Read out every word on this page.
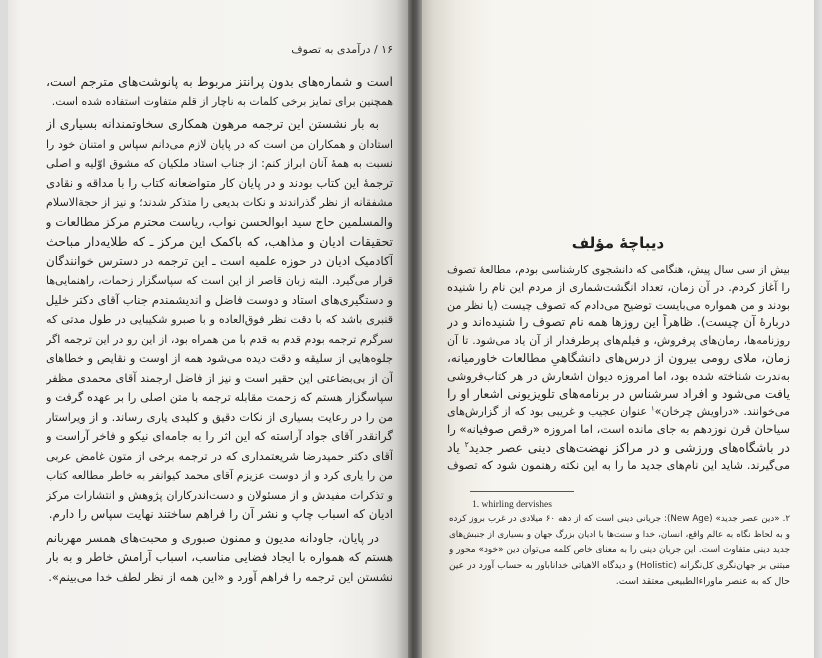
۱۶ / درآمدی به تصوف
است و شماره‌های بدون پرانتز مربوط به پانوشت‌های مترجم است،
همچنین برای تمایز برخی کلمات به ناچار از قلم متفاوت استفاده شده است.
به بار نشستن این ترجمه مرهون همکاری سخاوتمندانه بسیاری از
استادان و همکاران من است که در پایان لازم می‌دانم سپاس و امتنان خود را
نسبت به همهٔ آنان ابراز کنم: از جناب استاد ملکیان که مشوق اوّلیه و اصلی
ترجمهٔ این کتاب بودند و در پایان کار متواضعانه کتاب را با مداقه و نقادی
مشفقانه از نظر گذراندند و نکات بدیعی را متذکر شدند؛ و نیز از حجةالاسلام
والمسلمین حاج سید ابوالحسن نواب، ریاست محترم مرکز مطالعات و
تحقیقات ادیان و مذاهب، که باکمک این مرکز ـ که طلایه‌دار مباحث
آکادمیک ادیان در حوزه علمیه است ـ این ترجمه در دسترس خوانندگان
قرار می‌گیرد. البته زبان قاصر از این است که سپاسگزار زحمات، راهنمایی‌ها
و دستگیری‌های استاد و دوست فاضل و اندیشمندم جناب آقای دکتر خلیل
قنبری باشد که با دقت نظر فوق‌العاده و با صبرو شکیبایی در طول مدتی که
سرگرم ترجمه بودم قدم به قدم با من همراه بود، از این رو در این ترجمه اگر
جلوه‌هایی از سلیقه و دقت دیده می‌شود همه از اوست و نقایص و خطاهای
آن از بی‌بضاعتی این حقیر است و نیز از فاضل ارجمند آقای محمدی مظفر
سپاسگزار هستم که زحمت مقابله ترجمه با متن اصلی را بر عهده گرفت و
من را در رعایت بسیاری از نکات دقیق و کلیدی یاری رساند. و از ویراستار
گرانقدر آقای جواد آراسته که این اثر را به جامه‌ای نیکو و فاخر آراست و
آقای دکتر حمیدرضا شریعتمداری که در ترجمه برخی از متون غامض عربی
من را یاری کرد و از دوست عزیزم آقای محمد کیوانفر به خاطر مطالعه کتاب
و تذکرات مفیدش و از مسئولان و دست‌اندرکاران پژوهش و انتشارات مرکز
ادیان که اسباب چاپ و نشر آن را فراهم ساختند نهایت سپاس را دارم.
در پایان، جاودانه مدیون و ممنون صبوری و محبت‌های همسر مهربانم
هستم که همواره با ایجاد فضایی مناسب، اسباب آرامش خاطر و به بار
نشستن این ترجمه را فراهم آورد و «این همه از نظر لطف خدا می‌بینم».
دیباچهٔ مؤلف
بیش از سی سال پیش، هنگامی که دانشجوی کارشناسی بودم، مطالعهٔ تصوف
را آغاز کردم. در آن زمان، تعداد انگشت‌شماری از مردم این نام را شنیده
بودند و من همواره می‌بایست توضیح می‌دادم که تصوف چیست (یا نظر من
دربارهٔ آن چیست). ظاهراً این روزها همه نام تصوف را شنیده‌اند و در
روزنامه‌ها، رمان‌های پرفروش، و فیلم‌های پرطرفدار از آن یاد می‌شود. تا آن
زمان، ملای رومی بیرون از درس‌های دانشگاهیِ مطالعات خاورمیانه،
به‌ندرت شناخته شده بود، اما امروزه دیوان اشعارش در هر کتاب‌فروشی
یافت می‌شود و افراد سرشناس در برنامه‌های تلویزیونی اشعار او را
می‌خوانند. «دراویش چرخان»$^۱$ عنوان عجیب و غریبی بود که از گزارش‌های
سیاحان قرن نوزدهم به جای مانده است، اما امروزه «رقص صوفیانه» را
در باشگاه‌های ورزشی و در مراکز نهضت‌های دینی عصر جدید$^۲$ یاد
می‌گیرند. شاید این نام‌های جدید ما را به این نکته رهنمون شود که تصوف
1. whirling dervishes
۲. «دین عصر جدید» (New Age): جریانی دینی است که از دهه ۶۰ میلادی در غرب بروز کرده
و به لحاظ نگاه به عالم واقع، انسان، خدا و سنت‌ها با ادیان بزرگ جهان و بسیاری از جنبش‌های
جدید دینی متفاوت است. این جریان دینی را به معنای خاص کلمه می‌توان دین «خود» محور و
مبتنی بر جهان‌نگری کل‌نگرانه (Holistic) و دیدگاه الاهیاتی خداناباور به حساب آورد در عین
حال که به عنصر ماوراءالطبیعی معتقد است.
